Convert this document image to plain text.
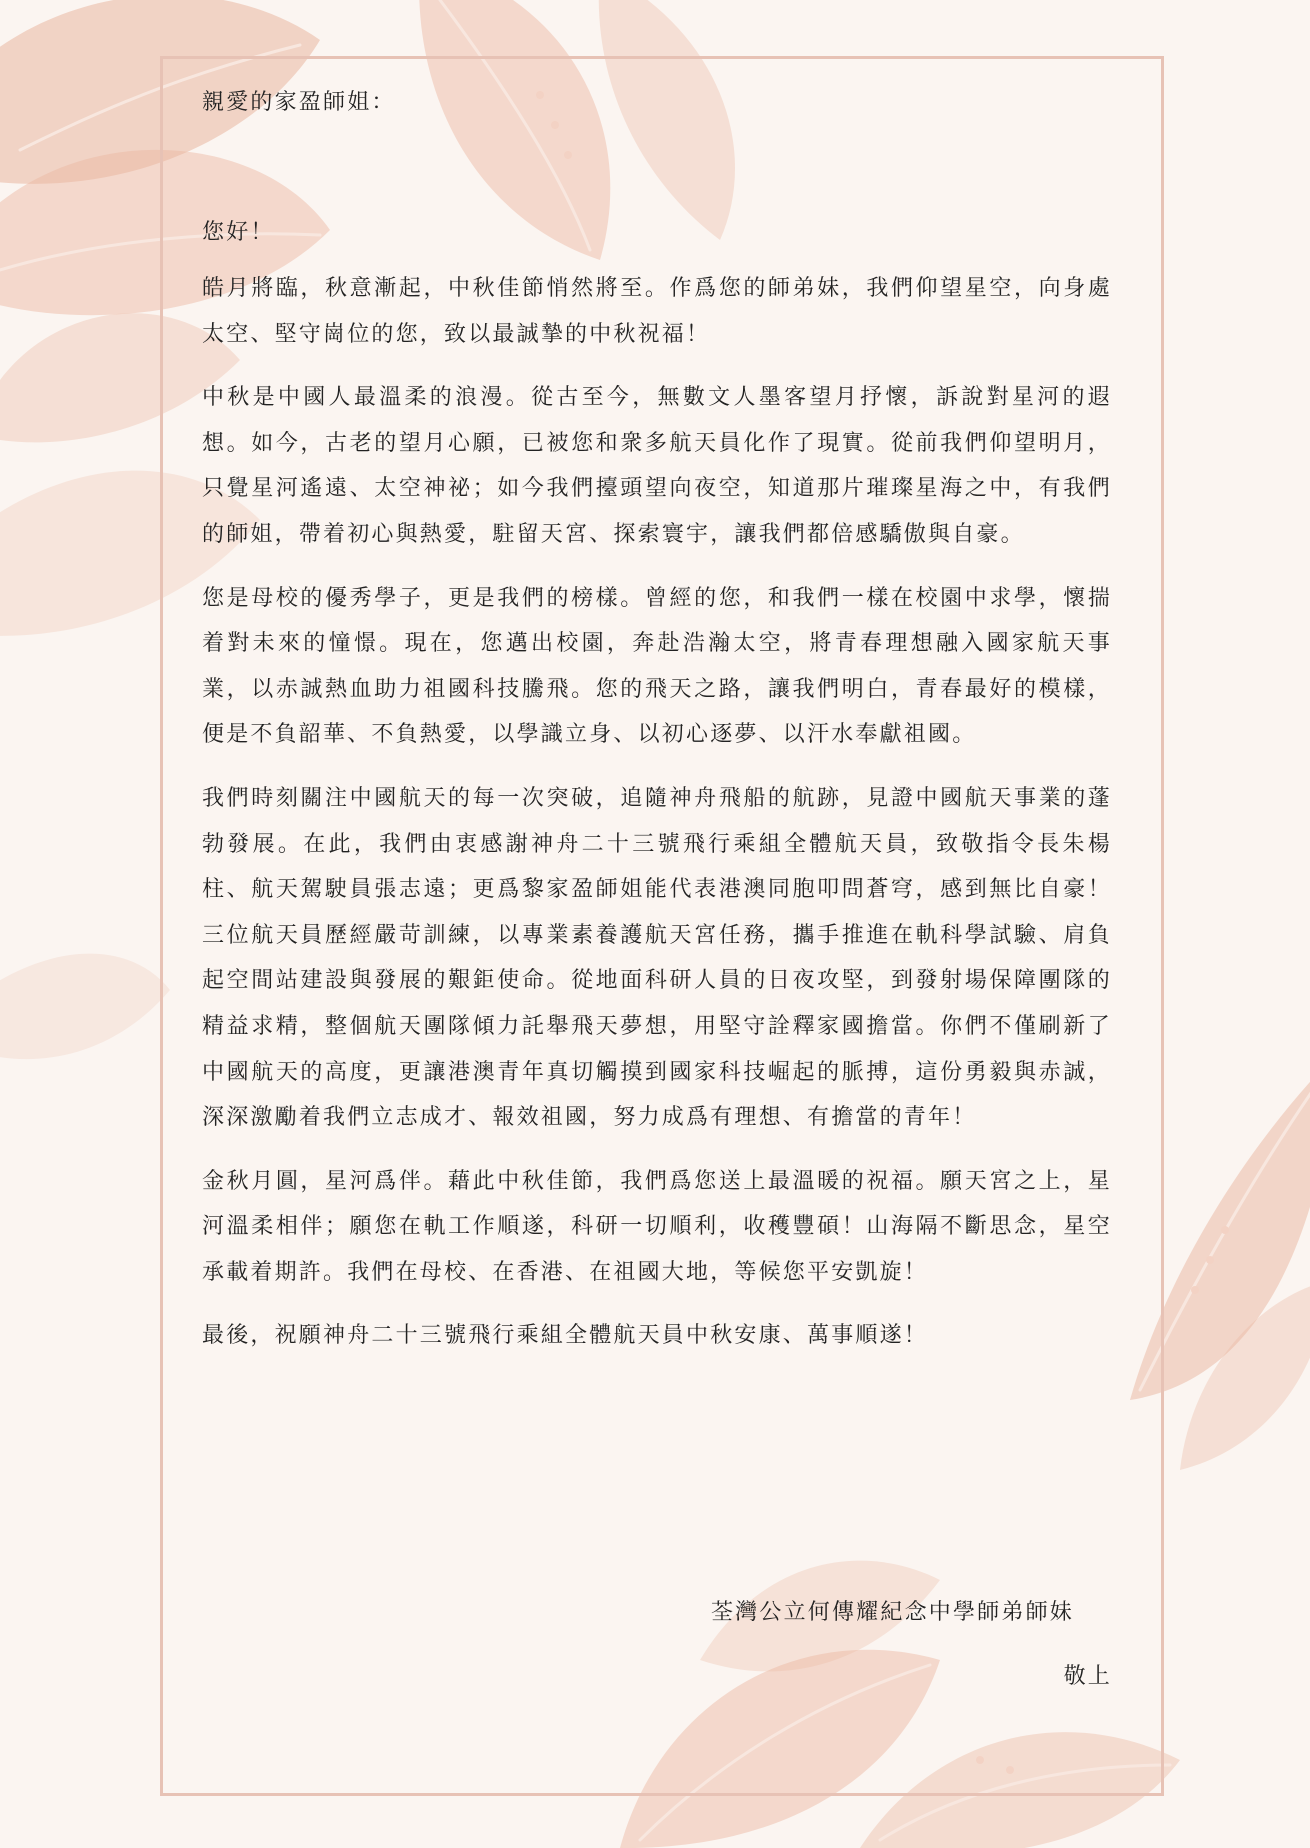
親愛的家盈師姐：

您好！

皓月將臨，秋意漸起，中秋佳節悄然將至。作爲您的師弟妹，我們仰望星空，向身處太空、堅守崗位的您，致以最誠摯的中秋祝福！

中秋是中國人最溫柔的浪漫。從古至今，無數文人墨客望月抒懷，訴說對星河的遐想。如今，古老的望月心願，已被您和衆多航天員化作了現實。從前我們仰望明月，只覺星河遙遠、太空神祕；如今我們擡頭望向夜空，知道那片璀璨星海之中，有我們的師姐，帶着初心與熱愛，駐留天宮、探索寰宇，讓我們都倍感驕傲與自豪。

您是母校的優秀學子，更是我們的榜樣。曾經的您，和我們一樣在校園中求學，懷揣着對未來的憧憬。現在，您邁出校園，奔赴浩瀚太空，將青春理想融入國家航天事業，以赤誠熱血助力祖國科技騰飛。您的飛天之路，讓我們明白，青春最好的模樣，便是不負韶華、不負熱愛，以學識立身、以初心逐夢、以汗水奉獻祖國。

我們時刻關注中國航天的每一次突破，追隨神舟飛船的航跡，見證中國航天事業的蓬勃發展。在此，我們由衷感謝神舟二十三號飛行乘組全體航天員，致敬指令長朱楊柱、航天駕駛員張志遠；更爲黎家盈師姐能代表港澳同胞叩問蒼穹，感到無比自豪！三位航天員歷經嚴苛訓練，以專業素養護航天宮任務，攜手推進在軌科學試驗、肩負起空間站建設與發展的艱鉅使命。從地面科研人員的日夜攻堅，到發射場保障團隊的精益求精，整個航天團隊傾力託舉飛天夢想，用堅守詮釋家國擔當。你們不僅刷新了中國航天的高度，更讓港澳青年真切觸摸到國家科技崛起的脈搏，這份勇毅與赤誠，深深激勵着我們立志成才、報效祖國，努力成爲有理想、有擔當的青年！

金秋月圓，星河爲伴。藉此中秋佳節，我們爲您送上最溫暖的祝福。願天宮之上，星河溫柔相伴；願您在軌工作順遂，科研一切順利，收穫豐碩！山海隔不斷思念，星空承載着期許。我們在母校、在香港、在祖國大地，等候您平安凱旋！

最後，祝願神舟二十三號飛行乘組全體航天員中秋安康、萬事順遂！

荃灣公立何傳耀紀念中學師弟師妹
敬上
